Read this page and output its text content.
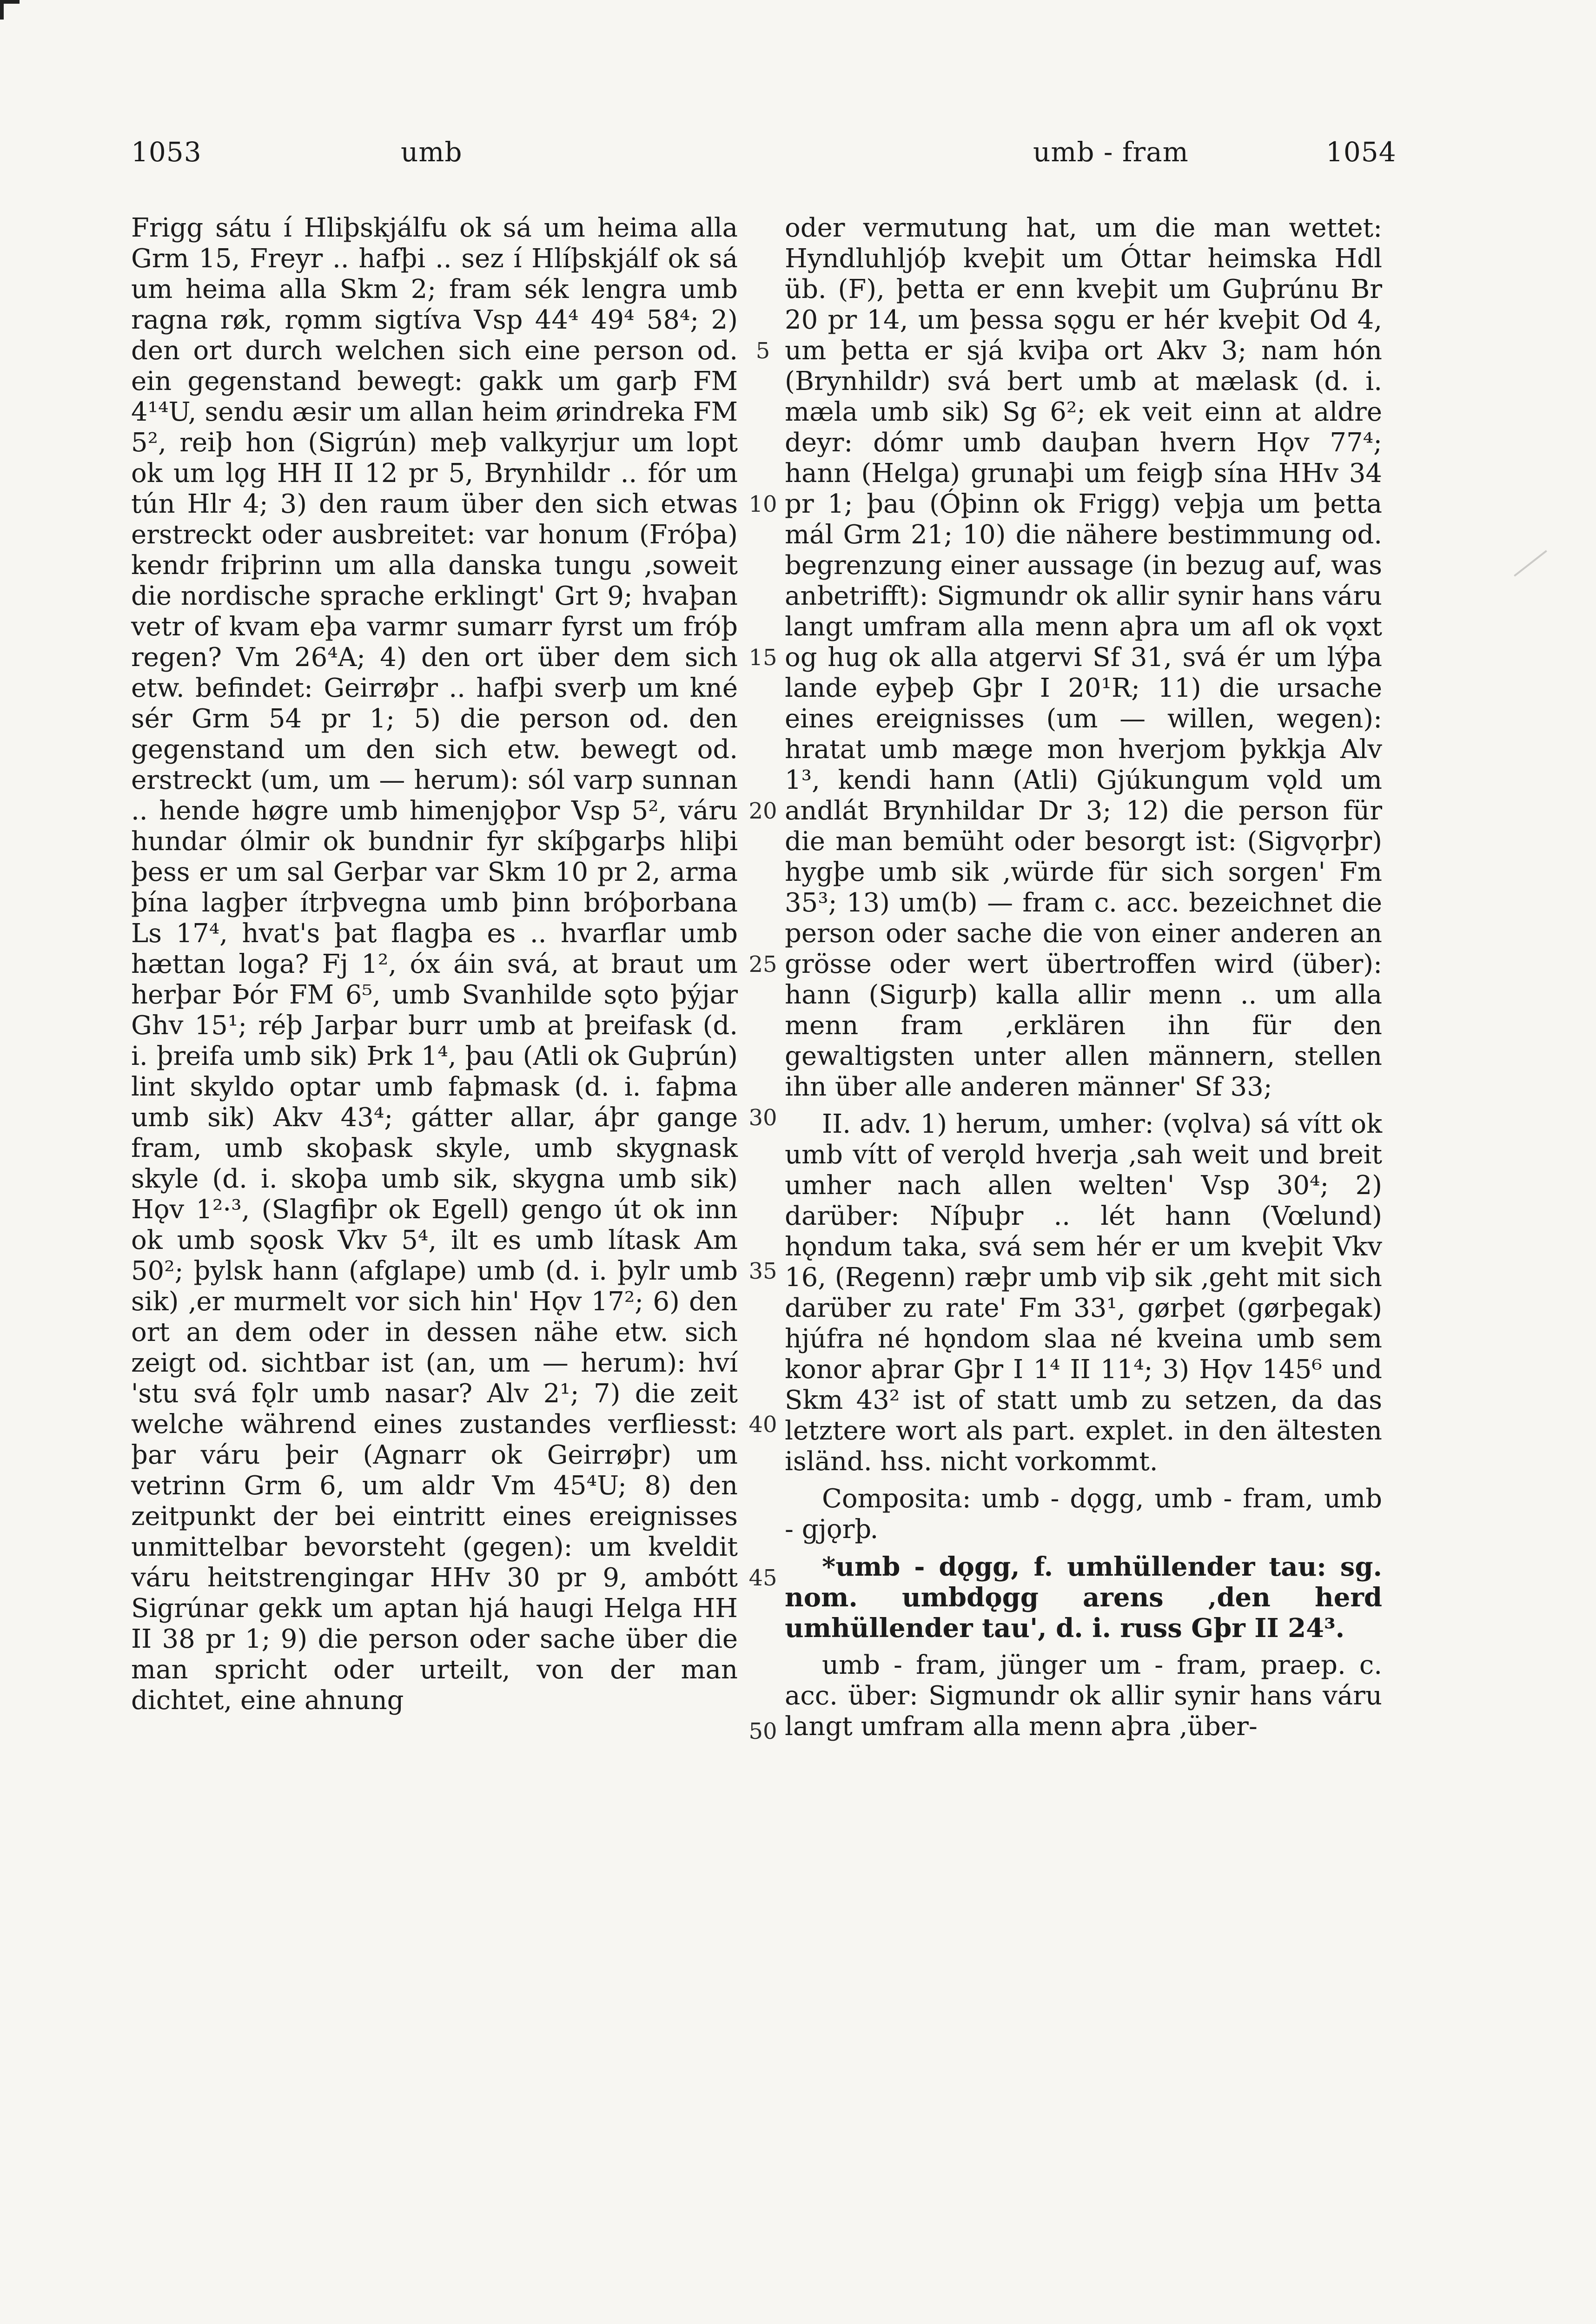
1053	umb	umb - fram	1054

Frigg sátu í Hliþskjálfu ok sá um heima alla Grm 15, Freyr .. hafþi .. sez í Hlíþskjálf ok sá um heima alla Skm 2; fram sék lengra umb ragna røk, rǫmm sigtíva Vsp 44⁴ 49⁴ 58⁴; 2) den ort durch welchen sich eine person od. ein gegenstand bewegt: gakk um garþ FM 4¹⁴U, sendu æsir um allan heim ørindreka FM 5², reiþ hon (Sigrún) meþ valkyrjur um lopt ok um lǫg HH II 12 pr 5, Brynhildr .. fór um tún Hlr 4; 3) den raum über den sich etwas erstreckt oder ausbreitet: var honum (Fróþa) kendr friþrinn um alla danska tungu ‚soweit die nordische sprache erklingt' Grt 9; hvaþan vetr of kvam eþa varmr sumarr fyrst um fróþ regen? Vm 26⁴A; 4) den ort über dem sich etw. befindet: Geirrøþr .. hafþi sverþ um kné sér Grm 54 pr 1; 5) die person od. den gegenstand um den sich etw. bewegt od. erstreckt (um, um — herum): sól varp sunnan .. hende høgre umb himenjǫþor Vsp 5², váru hundar ólmir ok bundnir fyr skíþgarþs hliþi þess er um sal Gerþar var Skm 10 pr 2, arma þína lagþer ítrþvegna umb þinn bróþorbana Ls 17⁴, hvat's þat flagþa es .. hvarflar umb hættan loga? Fj 1², óx áin svá, at braut um herþar Þór FM 6⁵, umb Svanhilde sǫto þýjar Ghv 15¹; réþ Jarþar burr umb at þreifask (d. i. þreifa umb sik) Þrk 1⁴, þau (Atli ok Guþrún) lint skyldo optar umb faþmask (d. i. faþma umb sik) Akv 43⁴; gátter allar, áþr gange fram, umb skoþask skyle, umb skygnask skyle (d. i. skoþa umb sik, skygna umb sik) Hǫv 1²·³, (Slagfiþr ok Egell) gengo út ok inn ok umb sǫosk Vkv 5⁴, ilt es umb lítask Am 50²; þylsk hann (afglape) umb (d. i. þylr umb sik) ‚er murmelt vor sich hin' Hǫv 17²; 6) den ort an dem oder in dessen nähe etw. sich zeigt od. sichtbar ist (an, um — herum): hví 'stu svá fǫlr umb nasar? Alv 2¹; 7) die zeit welche während eines zustandes verfliesst: þar váru þeir (Agnarr ok Geirrøþr) um vetrinn Grm 6, um aldr Vm 45⁴U; 8) den zeitpunkt der bei eintritt eines ereignisses unmittelbar bevorsteht (gegen): um kveldit váru heitstrengingar HHv 30 pr 9, ambótt Sigrúnar gekk um aptan hjá haugi Helga HH II 38 pr 1; 9) die person oder sache über die man spricht oder urteilt, von der man dichtet, eine ahnung

5
10
15
20
25
30
35
40
45
50

oder vermutung hat, um die man wettet: Hyndluhljóþ kveþit um Óttar heimska Hdl üb. (F), þetta er enn kveþit um Guþrúnu Br 20 pr 14, um þessa sǫgu er hér kveþit Od 4, um þetta er sjá kviþa ort Akv 3; nam hón (Brynhildr) svá bert umb at mælask (d. i. mæla umb sik) Sg 6²; ek veit einn at aldre deyr: dómr umb dauþan hvern Hǫv 77⁴; hann (Helga) grunaþi um feigþ sína HHv 34 pr 1; þau (Óþinn ok Frigg) veþja um þetta mál Grm 21; 10) die nähere bestimmung od. begrenzung einer aussage (in bezug auf, was anbetrifft): Sigmundr ok allir synir hans váru langt umfram alla menn aþra um afl ok vǫxt og hug ok alla atgervi Sf 31, svá ér um lýþa lande eyþeþ Gþr I 20¹R; 11) die ursache eines ereignisses (um — willen, wegen): hratat umb mæge mon hverjom þykkja Alv 1³, kendi hann (Atli) Gjúkungum vǫld um andlát Brynhildar Dr 3; 12) die person für die man bemüht oder besorgt ist: (Sigvǫrþr) hygþe umb sik ‚würde für sich sorgen' Fm 35³; 13) um(b) — fram c. acc. bezeichnet die person oder sache die von einer anderen an grösse oder wert übertroffen wird (über): hann (Sigurþ) kalla allir menn .. um alla menn fram ‚erklären ihn für den gewaltigsten unter allen männern, stellen ihn über alle anderen männer' Sf 33;

II. adv. 1) herum, umher: (vǫlva) sá vítt ok umb vítt of verǫld hverja ‚sah weit und breit umher nach allen welten' Vsp 30⁴; 2) darüber: Níþuþr .. lét hann (Vœlund) hǫndum taka, svá sem hér er um kveþit Vkv 16, (Regenn) ræþr umb viþ sik ‚geht mit sich darüber zu rate' Fm 33¹, gørþet (gørþegak) hjúfra né hǫndom slaa né kveina umb sem konor aþrar Gþr I 1⁴ II 11⁴; 3) Hǫv 145⁶ und Skm 43² ist of statt umb zu setzen, da das letztere wort als part. explet. in den ältesten isländ. hss. nicht vorkommt.

Composita: umb - dǫgg, umb - fram, umb - gjǫrþ.

*umb - dǫgg, f. umhüllender tau: sg. nom. umbdǫgg arens ‚den herd umhüllender tau', d. i. russ Gþr II 24³.

umb - fram, jünger um - fram, praep. c. acc. über: Sigmundr ok allir synir hans váru langt umfram alla menn aþra ‚über-
